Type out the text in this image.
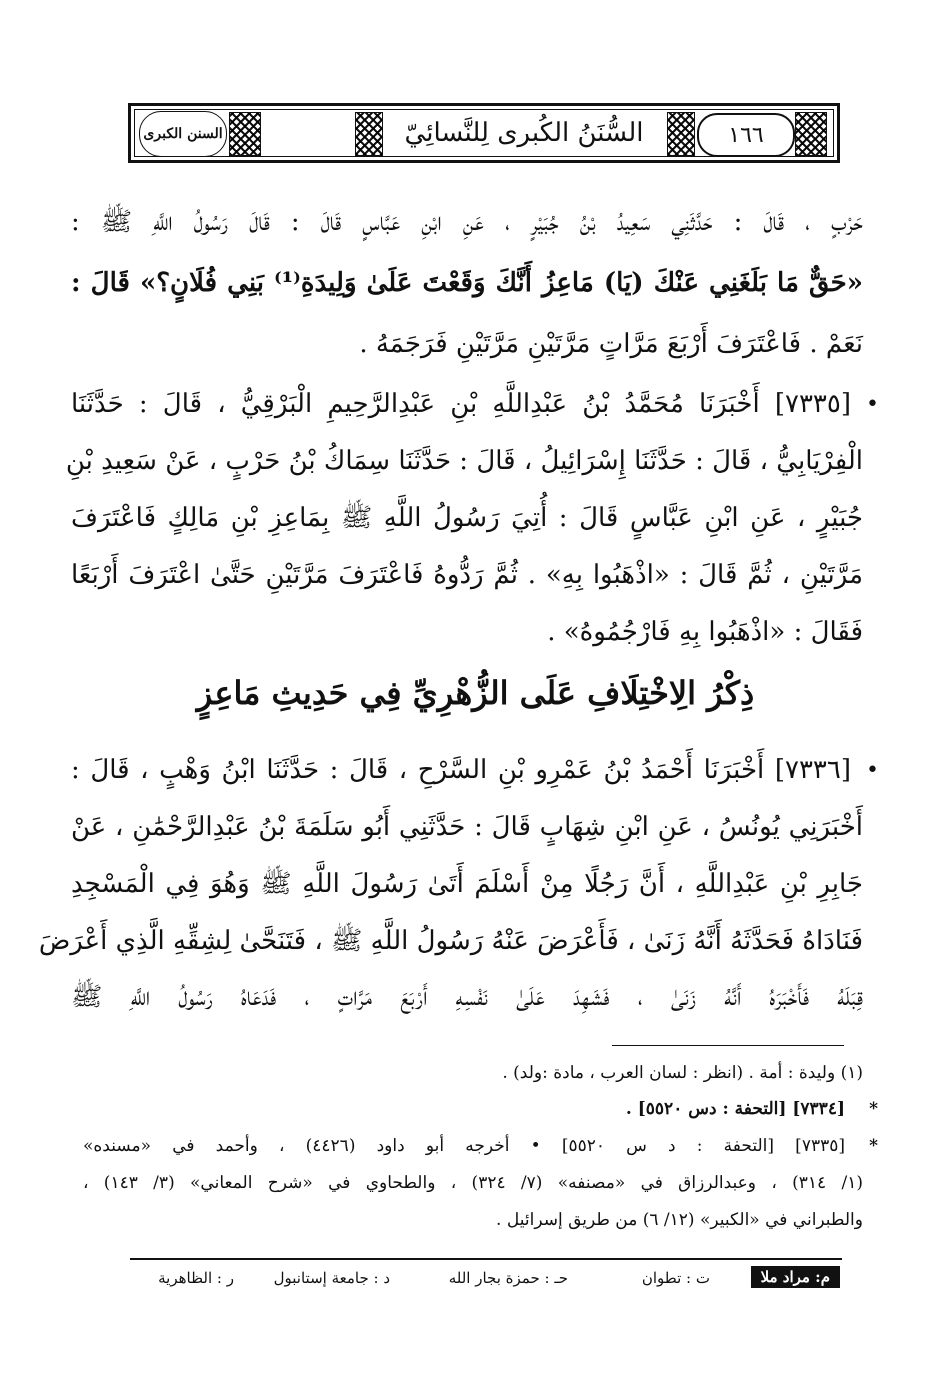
السنن الكبرى	السُّنَنُ الكُبرى لِلنَّسائِيّ	١٦٦
حَرْبٍ ، قَالَ : حَدَّثَنِي سَعِيدُ بْنُ جُبَيْرٍ ، عَنِ ابْنِ عَبَّاسٍ قَالَ : قَالَ رَسُولُ اللَّهِ ﷺ :
«حَقٌّ مَا بَلَغَنِي عَنْكَ (يَا) مَاعِزُ أَنَّكَ وَقَعْتَ عَلَىٰ وَلِيدَةِ⁽¹⁾ بَنِي فُلَانٍ؟» قَالَ :
نَعَمْ . فَاعْتَرَفَ أَرْبَعَ مَرَّاتٍ مَرَّتَيْنِ مَرَّتَيْنِ فَرَجَمَهُ .
•
[٧٣٣٥] أَخْبَرَنَا مُحَمَّدُ بْنُ عَبْدِاللَّهِ بْنِ عَبْدِالرَّحِيمِ الْبَرْقِيُّ ، قَالَ : حَدَّثَنَا
الْفِرْيَابِيُّ ، قَالَ : حَدَّثَنَا إِسْرَائِيلُ ، قَالَ : حَدَّثَنَا سِمَاكُ بْنُ حَرْبٍ ، عَنْ سَعِيدِ بْنِ
جُبَيْرٍ ، عَنِ ابْنِ عَبَّاسٍ قَالَ : أُتِيَ رَسُولُ اللَّهِ ﷺ بِمَاعِزِ بْنِ مَالِكٍ فَاعْتَرَفَ
مَرَّتَيْنِ ، ثُمَّ قَالَ : «اذْهَبُوا بِهِ» . ثُمَّ رَدُّوهُ فَاعْتَرَفَ مَرَّتَيْنِ حَتَّىٰ اعْتَرَفَ أَرْبَعًا
فَقَالَ : «اذْهَبُوا بِهِ فَارْجُمُوهُ» .
ذِكْرُ الِاخْتِلَافِ عَلَى الزُّهْرِيِّ فِي حَدِيثِ مَاعِزٍ
•
[٧٣٣٦] أَخْبَرَنَا أَحْمَدُ بْنُ عَمْرِو بْنِ السَّرْحِ ، قَالَ : حَدَّثَنَا ابْنُ وَهْبٍ ، قَالَ :
أَخْبَرَنِي يُونُسُ ، عَنِ ابْنِ شِهَابٍ قَالَ : حَدَّثَنِي أَبُو سَلَمَةَ بْنُ عَبْدِالرَّحْمَٰنِ ، عَنْ
جَابِرِ بْنِ عَبْدِاللَّهِ ، أَنَّ رَجُلًا مِنْ أَسْلَمَ أَتَىٰ رَسُولَ اللَّهِ ﷺ وَهُوَ فِي الْمَسْجِدِ
فَنَادَاهُ فَحَدَّثَهُ أَنَّهُ زَنَىٰ ، فَأَعْرَضَ عَنْهُ رَسُولُ اللَّهِ ﷺ ، فَتَنَحَّىٰ لِشِقِّهِ الَّذِي أَعْرَضَ
قِبَلَهُ فَأَخْبَرَهُ أَنَّهُ زَنَىٰ ، فَشَهِدَ عَلَىٰ نَفْسِهِ أَرْبَعَ مَرَّاتٍ ، فَدَعَاهُ رَسُولُ اللَّهِ ﷺ
(١) وليدة : أمة . (انظر : لسان العرب ، مادة :ولد) .
*
[٧٣٣٤] [التحفة : دس ٥٥٢٠] .
*
[٧٣٣٥] [التحفة : د س ٥٥٢٠] • أخرجه أبو داود (٤٤٢٦) ، وأحمد في «مسنده»
(١/ ٣١٤) ، وعبدالرزاق في «مصنفه» (٧/ ٣٢٤) ، والطحاوي في «شرح المعاني» (٣/ ١٤٣) ،
والطبراني في «الكبير» (١٢/ ٦) من طريق إسرائيل .
م: مراد ملا
ت : تطوان
حـ : حمزة بجار الله
د : جامعة إستانبول
ر : الظاهرية
